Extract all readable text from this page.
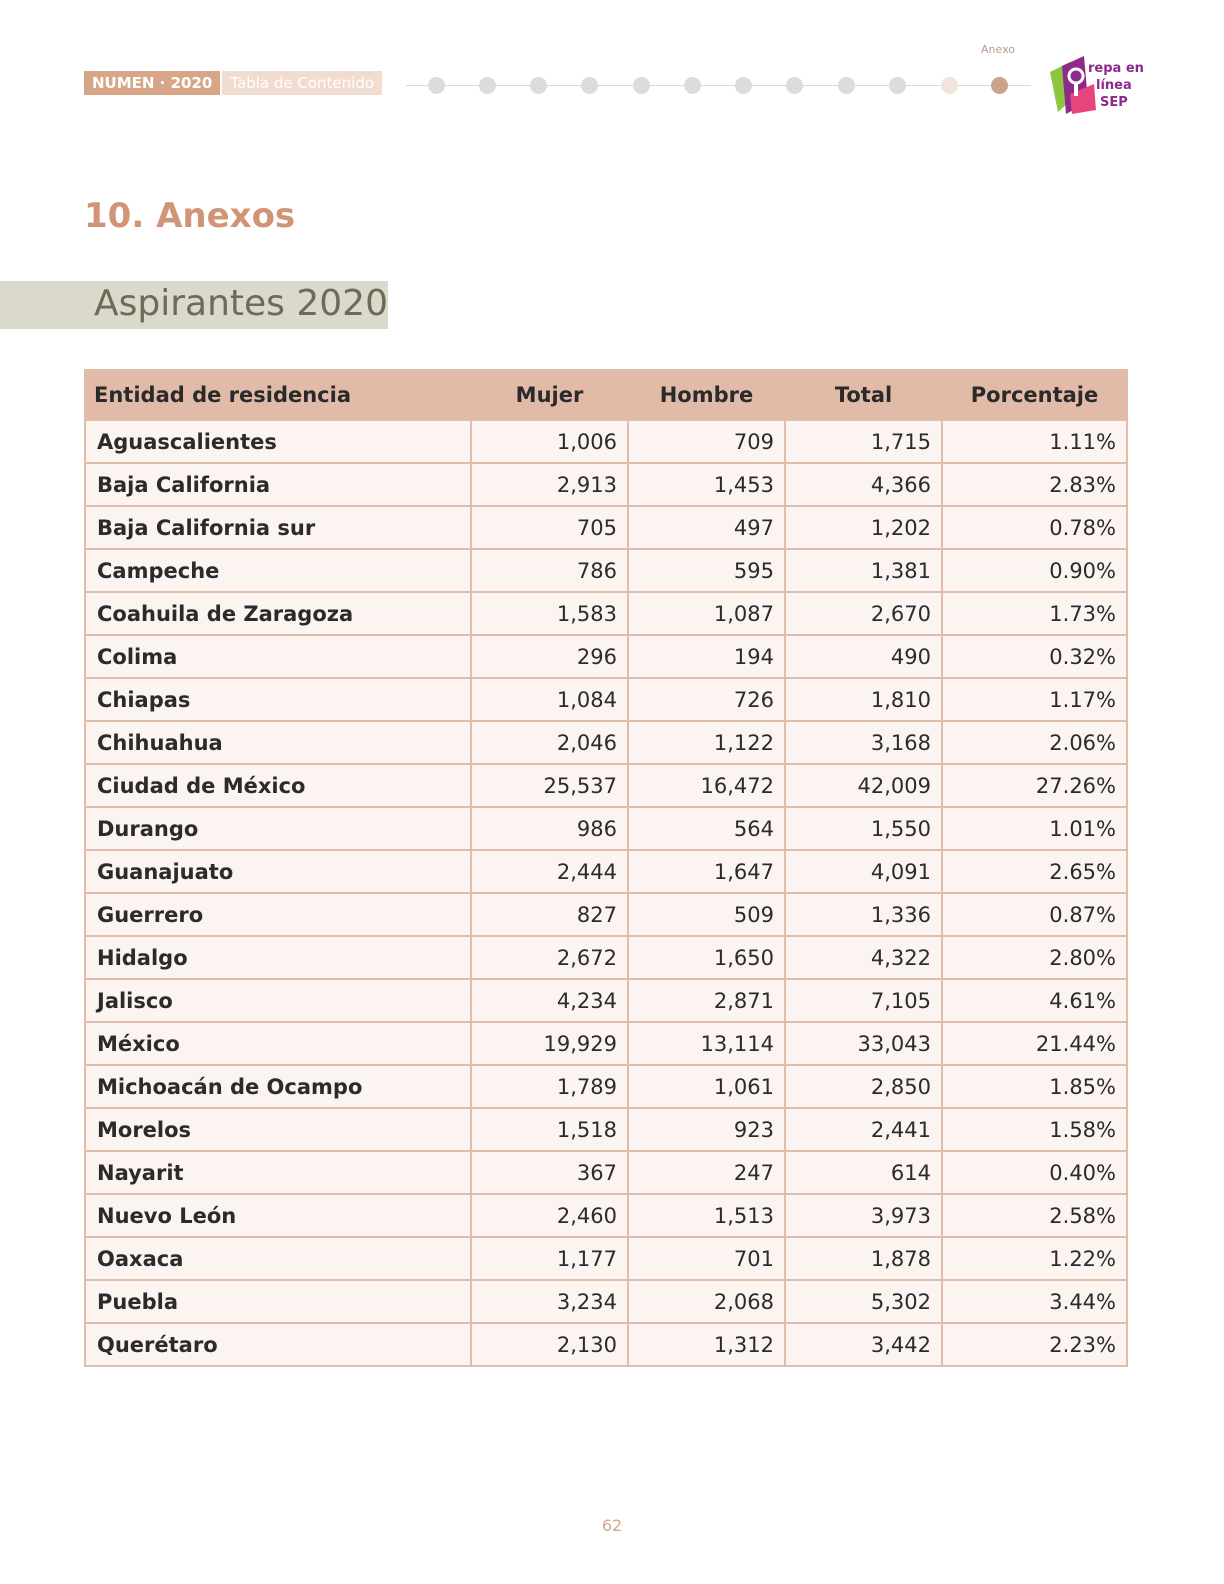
NUMEN · 2020	Tabla de Contenido
Anexo
repa en
línea
SEP
10. Anexos
Aspirantes 2020
Entidad de residencia	Mujer	Hombre	Total	Porcentaje
Aguascalientes	1,006	709	1,715	1.11%
Baja California	2,913	1,453	4,366	2.83%
Baja California sur	705	497	1,202	0.78%
Campeche	786	595	1,381	0.90%
Coahuila de Zaragoza	1,583	1,087	2,670	1.73%
Colima	296	194	490	0.32%
Chiapas	1,084	726	1,810	1.17%
Chihuahua	2,046	1,122	3,168	2.06%
Ciudad de México	25,537	16,472	42,009	27.26%
Durango	986	564	1,550	1.01%
Guanajuato	2,444	1,647	4,091	2.65%
Guerrero	827	509	1,336	0.87%
Hidalgo	2,672	1,650	4,322	2.80%
Jalisco	4,234	2,871	7,105	4.61%
México	19,929	13,114	33,043	21.44%
Michoacán de Ocampo	1,789	1,061	2,850	1.85%
Morelos	1,518	923	2,441	1.58%
Nayarit	367	247	614	0.40%
Nuevo León	2,460	1,513	3,973	2.58%
Oaxaca	1,177	701	1,878	1.22%
Puebla	3,234	2,068	5,302	3.44%
Querétaro	2,130	1,312	3,442	2.23%
62
